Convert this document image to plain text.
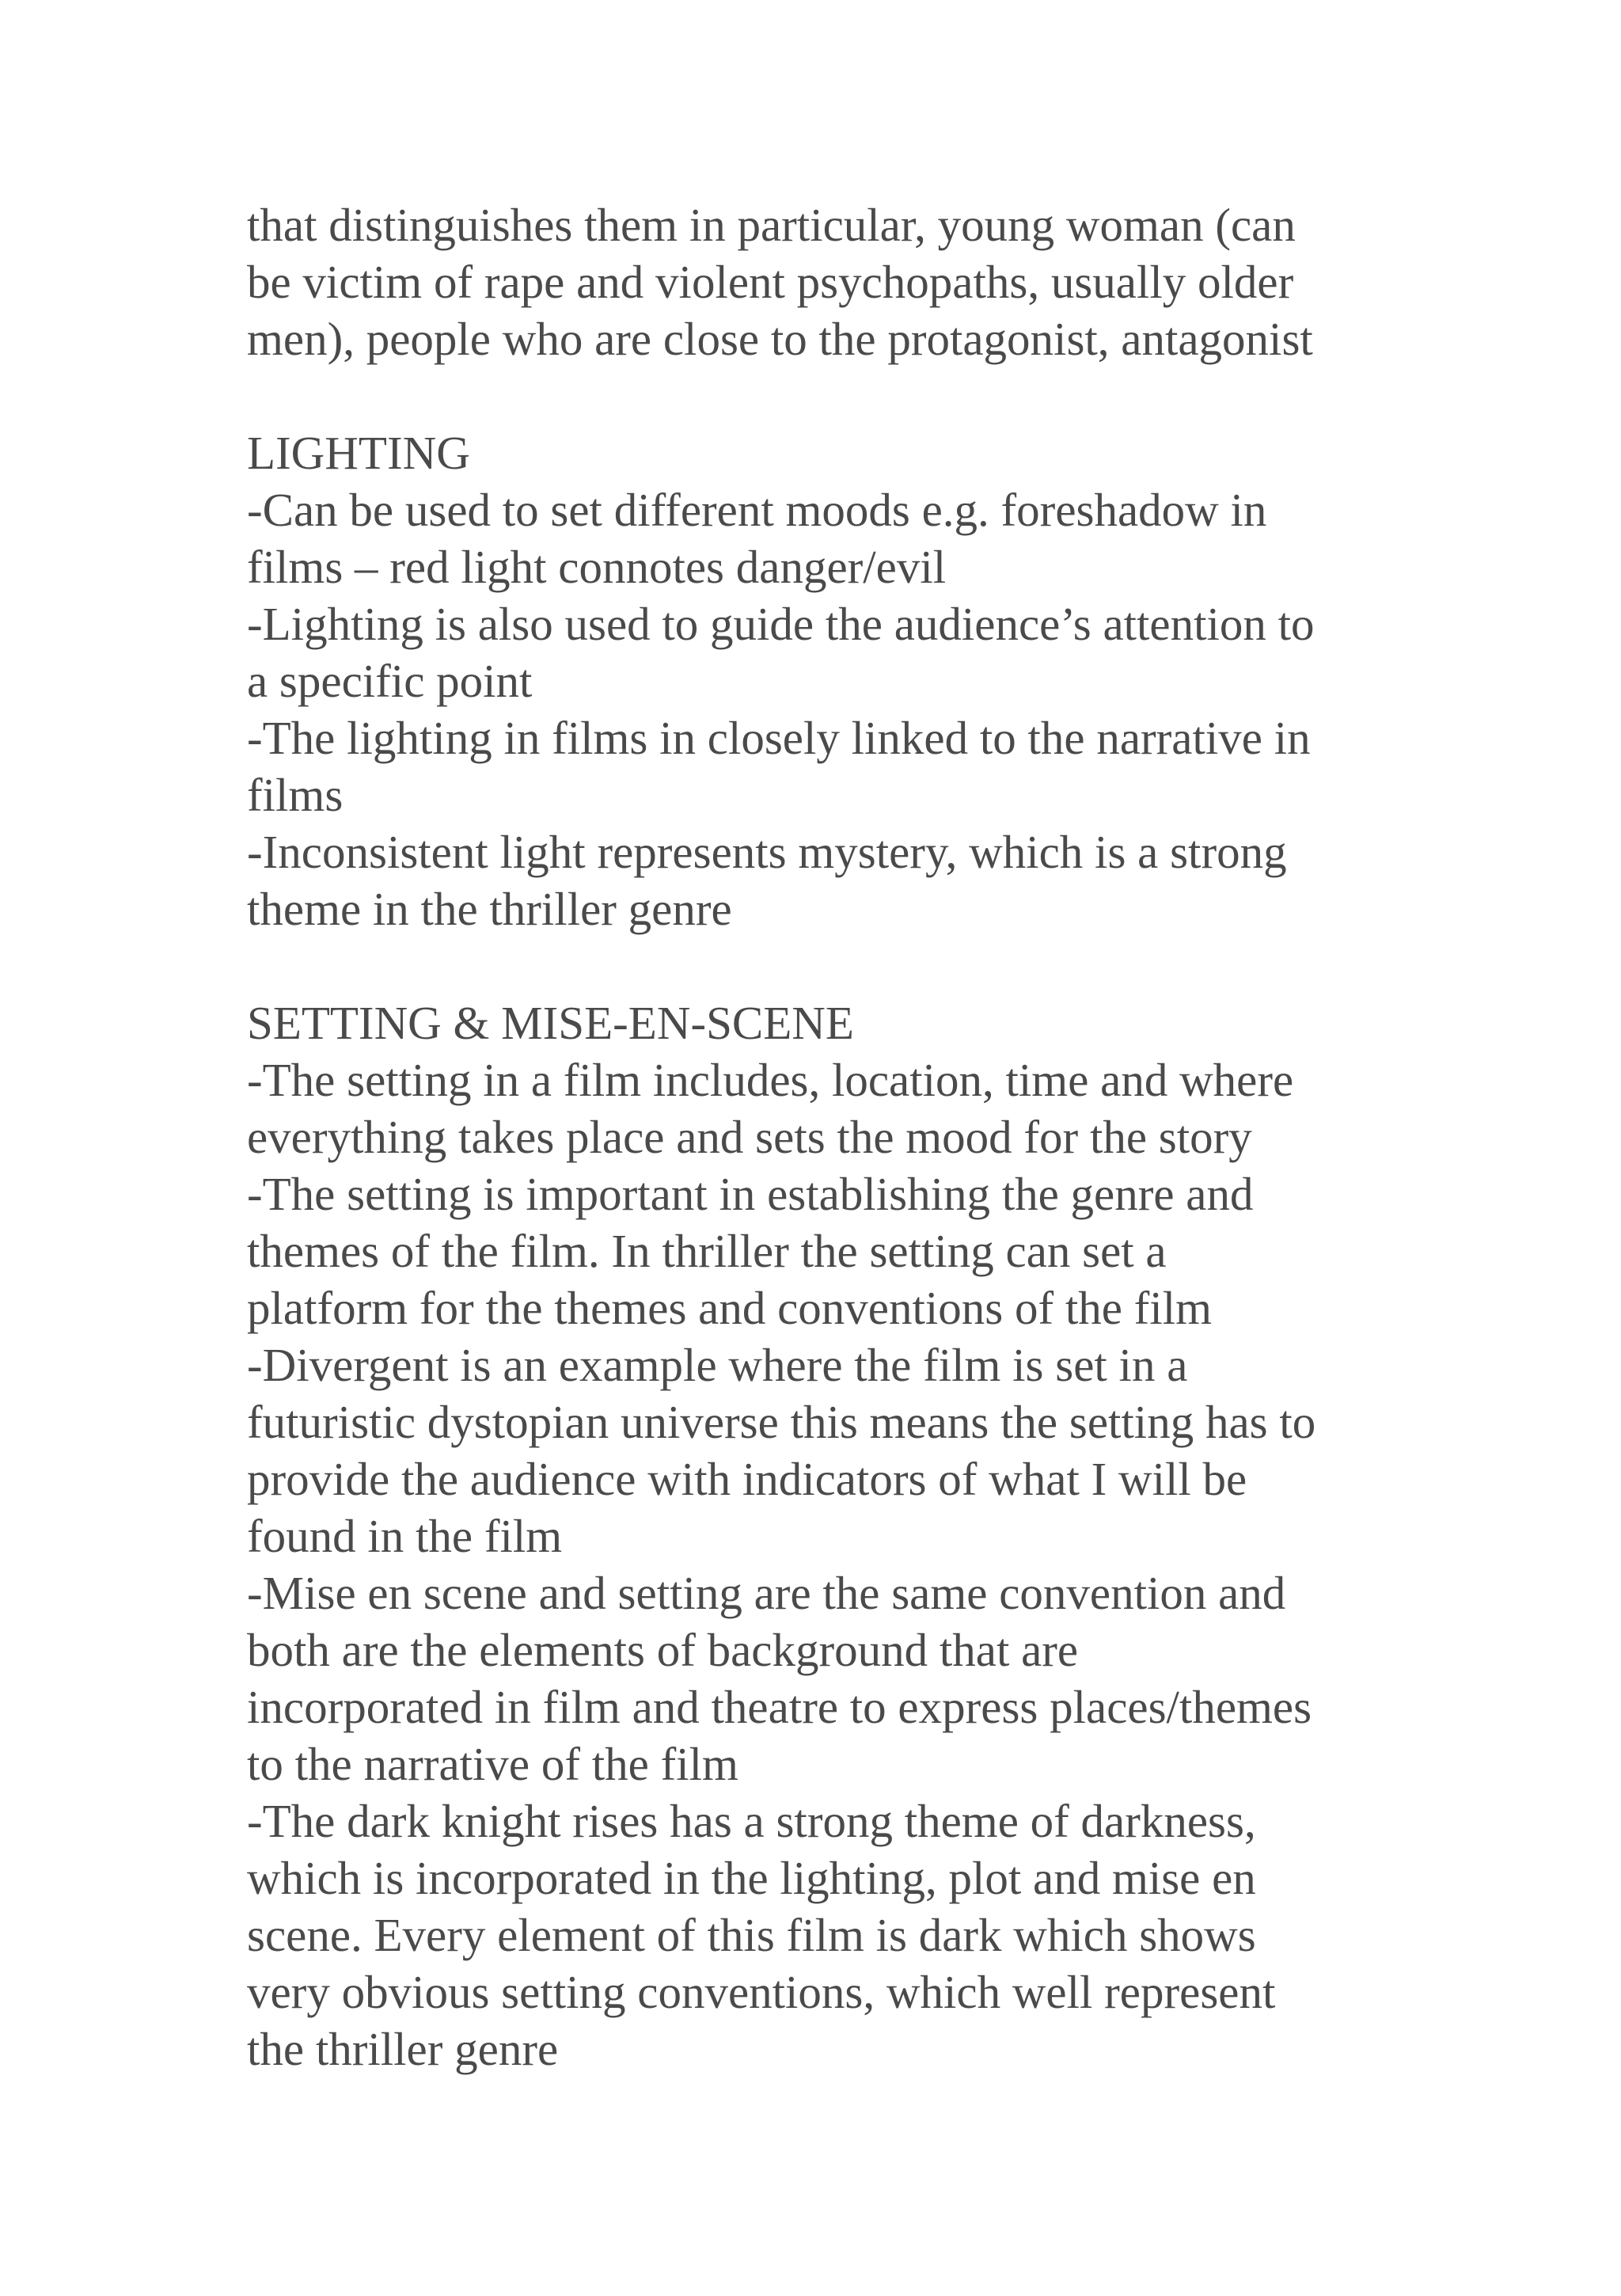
that distinguishes them in particular, young woman (can
be victim of rape and violent psychopaths, usually older
men), people who are close to the protagonist, antagonist
LIGHTING
-Can be used to set different moods e.g. foreshadow in
films – red light connotes danger/evil
-Lighting is also used to guide the audience’s attention to
a specific point
-The lighting in films in closely linked to the narrative in
films
-Inconsistent light represents mystery, which is a strong
theme in the thriller genre
SETTING & MISE-EN-SCENE
-The setting in a film includes, location, time and where
everything takes place and sets the mood for the story
-The setting is important in establishing the genre and
themes of the film. In thriller the setting can set a
platform for the themes and conventions of the film
-Divergent is an example where the film is set in a
futuristic dystopian universe this means the setting has to
provide the audience with indicators of what I will be
found in the film
-Mise en scene and setting are the same convention and
both are the elements of background that are
incorporated in film and theatre to express places/themes
to the narrative of the film
-The dark knight rises has a strong theme of darkness,
which is incorporated in the lighting, plot and mise en
scene. Every element of this film is dark which shows
very obvious setting conventions, which well represent
the thriller genre
